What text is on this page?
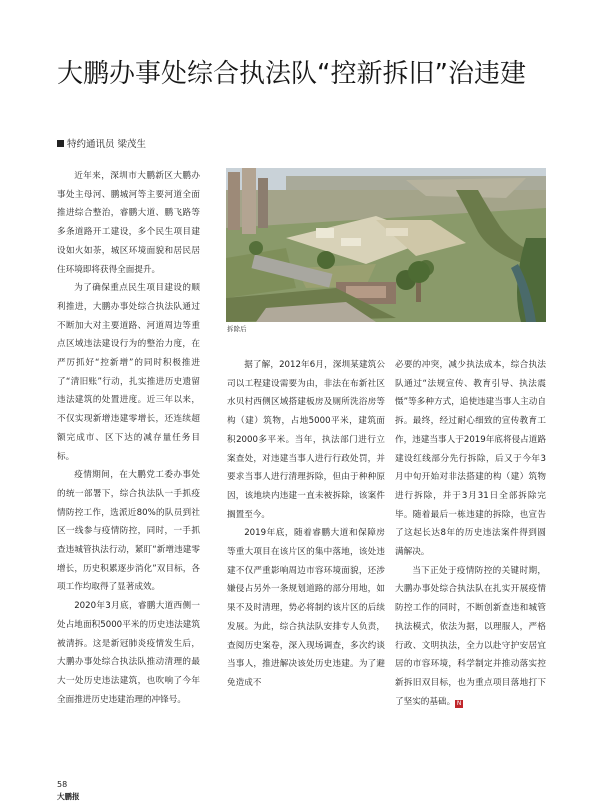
大鹏办事处综合执法队“控新拆旧”治违建
特约通讯员 梁茂生

近年来，深圳市大鹏新区大鹏办事处主母河、鹏城河等主要河道全面推进综合整治，睿鹏大道、鹏飞路等多条道路开工建设，多个民生项目建设如火如荼，城区环境面貌和居民居住环境即将获得全面提升。

为了确保重点民生项目建设的顺利推进，大鹏办事处综合执法队通过不断加大对主要道路、河道周边等重点区域违法建设行为的整治力度，在严厉抓好“控新增”的同时积极推进了“清旧账”行动，扎实推进历史遗留违法建筑的处置进度。近三年以来，不仅实现新增违建零增长，还连续超额完成市、区下达的减存量任务目标。

疫情期间，在大鹏党工委办事处的统一部署下，综合执法队一手抓疫情防控工作，选派近80%的队员到社区一线参与疫情防控，同时，一手抓查违城管执法行动，紧盯“新增违建零增长，历史积累逐步消化”双目标，各项工作均取得了显著成效。

2020年3月底，睿鹏大道西侧一处占地面积5000平米的历史违法建筑被清拆。这是新冠肺炎疫情发生后，大鹏办事处综合执法队推动清理的最大一处历史违法建筑，也吹响了今年全面推进历史违建治理的冲锋号。

拆除后

据了解，2012年6月，深圳某建筑公司以工程建设需要为由，非法在布新社区水贝村西侧区域搭建板房及厕所洗浴房等构（建）筑物，占地5000平米，建筑面积2000多平米。当年，执法部门进行立案查处，对违建当事人进行行政处罚，并要求当事人进行清理拆除，但由于种种原因，该地块内违建一直未被拆除，该案件搁置至今。

2019年底，随着睿鹏大道和保障房等重大项目在该片区的集中落地，该处违建不仅严重影响周边市容环境面貌，还涉嫌侵占另外一条规划道路的部分用地，如果不及时清理，势必将制约该片区的后续发展。为此，综合执法队安排专人负责，查阅历史案卷，深入现场调查，多次约谈当事人，推进解决该处历史违建。为了避免造成不

必要的冲突，减少执法成本，综合执法队通过“法规宣传、教育引导、执法震慑”等多种方式，追使违建当事人主动自拆。最终，经过耐心细致的宣传教育工作，违建当事人于2019年底将侵占道路建设红线部分先行拆除，后又于今年3月中旬开始对非法搭建的构（建）筑物进行拆除，并于3月31日全部拆除完毕。随着最后一栋违建的拆除，也宣告了这起长达8年的历史违法案件得到圆满解决。

当下正处于疫情防控的关键时期，大鹏办事处综合执法队在扎实开展疫情防控工作的同时，不断创新查违和城管执法模式，依法为据，以理服人，严格行政、文明执法，全力以赴守护安居宜居的市容环境，科学制定并推动落实控新拆旧双目标，也为重点项目落地打下了坚实的基础。 N

58
大鹏报
